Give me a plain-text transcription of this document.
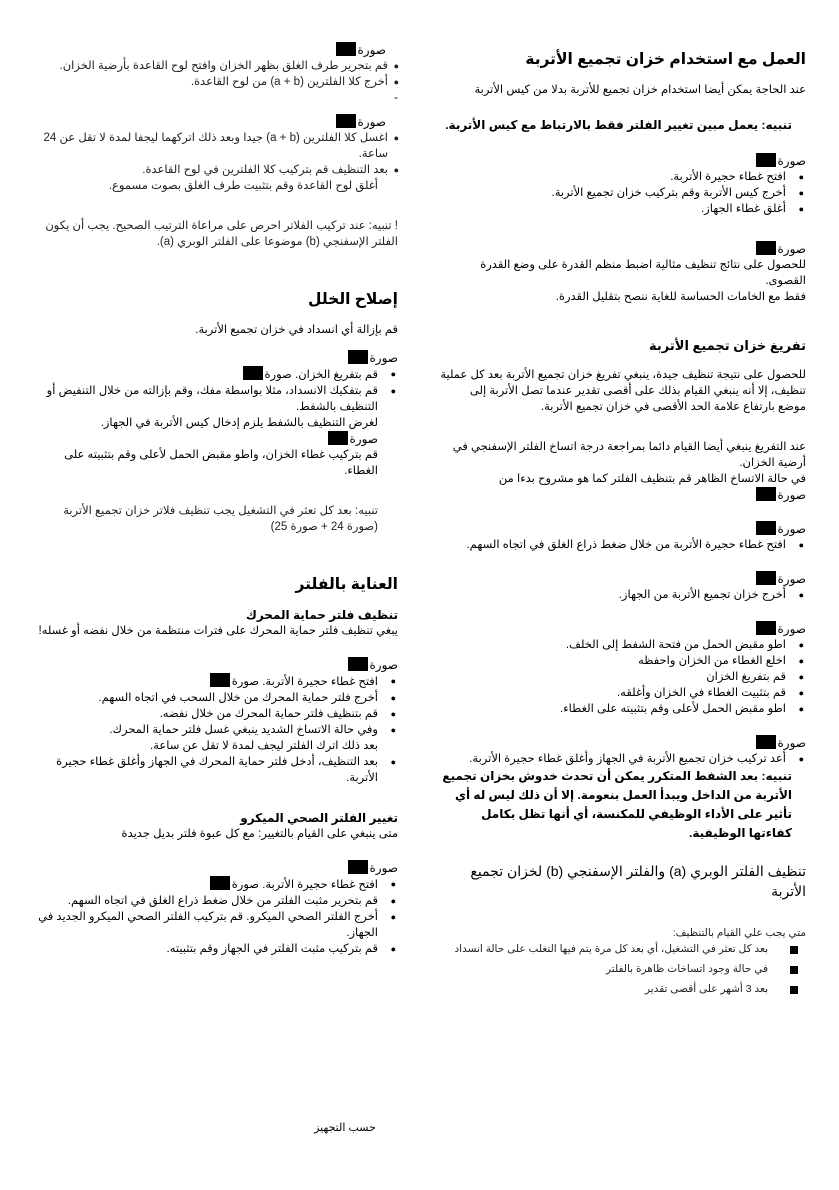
العمل مع استخدام خزان تجميع الأتربة

عند الحاجة يمكن أيضا استخدام خزان تجميع للأتربة بدلا من كيس الأتربة

تنبيه: يعمل مبين تغيير الفلتر فقط بالارتباط مع كيس الأتربة.

صورة
● افتح غطاء حجيرة الأتربة.
● أخرج كيس الأتربة وقم بتركيب خزان تجميع الأتربة.
● أغلق غطاء الجهاز.
صورة

للحصول على نتائج تنظيف مثالية اضبط منظم القدرة على وضع القدرة القصوى.

فقط مع الخامات الحساسة للغاية ننصح بتقليل القدرة.

تفريغ خزان تجميع الأتربة

للحصول على نتيجة تنظيف جيدة، ينبغي تفريغ خزان تجميع الأتربة بعد كل عملية تنظيف، إلا أنه ينبغي القيام بذلك على أقصى تقدير عندما تصل الأتربة إلى موضع بارتفاع علامة الحد الأقصى في خزان تجميع الأتربة.

عند التفريغ ينبغي أيضا القيام دائما بمراجعة درجة اتساخ الفلتر الإسفنجي في أرضية الخزان.

في حالة الاتساخ الظاهر قم بتنظيف الفلتر كما هو مشروح بدءا من

صورة
صورة
● افتح غطاء حجيرة الأتربة من خلال ضغط ذراع الغلق في اتجاه السهم.
صورة
● أخرج خزان تجميع الأتربة من الجهاز.
صورة
● اطو مقبض الحمل من فتحة الشفط إلى الخلف.
● اخلع الغطاء من الخزان واحفظه
● قم بتفريغ الخزان
● قم بتثبيت الغطاء في الخزان وأغلقه.
● اطو مقبض الحمل لأعلى وقم بتثبيته على الغطاء.
صورة
● أعد تركيب خزان تجميع الأتربة في الجهاز وأغلق غطاء حجيرة الأتربة.

تنبيه: بعد الشفط المتكرر يمكن أن تحدث خدوش بخزان تجميع الأتربة من الداخل ويبدأ العمل بنعومة. إلا أن ذلك ليس له أي تأثير على الأداء الوظيفي للمكنسة، أي أنها تظل بكامل كفاءتها الوظيفية.

تنظيف الفلتر الوبري (a) والفلتر الإسفنجي (b) لخزان تجميع الأتربة

متي يجب علي القيام بالتنظيف:

بعد كل تعثر في التشغيل، أي بعد كل مرة يتم فيها التغلب على حالة انسداد
في حالة وجود اتساخات ظاهرة بالفلتر
بعد 3 أشهر على أقصى تقدير
صورة
● قم بتحرير طرف الغلق بظهر الخزان وافتح لوح القاعدة بأرضية الخزان.
● أخرج كلا الفلترين (a + b) من لوح القاعدة.
-
صورة
● اغسل كلا الفلترين (a + b) جيدا وبعد ذلك اتركهما ليجفا لمدة لا تقل عن 24 ساعة.
● بعد التنظيف قم بتركيب كلا الفلترين في لوح القاعدة.

أغلق لوح القاعدة وقم بتثبيت طرف الغلق بصوت مسموع.

! تنبيه: عند تركيب الفلاتر احرص على مراعاة الترتيب الصحيح. يجب أن يكون الفلتر الإسفنجي (b) موضوعا على الفلتر الوبري (a).

إصلاح الخلل

قم بإزالة أي انسداد في خزان تجميع الأتربة.

صورة
● قم بتفريغ الخزان. صورة
● قم بتفكيك الانسداد، مثلا بواسطة مفك، وقم بإزالته من خلال التنفيض أو التنظيف بالشفط.

لغرض التنظيف بالشفط يلزم إدخال كيس الأتربة في الجهاز.

صورة

قم بتركيب غطاء الخزان، واطو مقبض الحمل لأعلى وقم بتثبيته على الغطاء.

تنبيه: بعد كل تعثر في التشغيل يجب تنظيف فلاتر خزان تجميع الأتربة (صورة 24 + صورة 25)

العناية بالفلتر
تنظيف فلتر حماية المحرك

يبغي تنظيف فلتر حماية المحرك على فترات منتظمة من خلال نفضه أو غسله!

صورة
● افتح غطاء حجيرة الأتربة. صورة
● أخرج فلتر حماية المحرك من خلال السحب في اتجاه السهم.
● قم بتنظيف فلتر حماية المحرك من خلال نفضه.
● وفي حالة الاتساخ الشديد ينبغي غسل فلتر حماية المحرك.
بعد ذلك اترك الفلتر ليجف لمدة لا تقل عن ساعة.
● بعد التنظيف، أدخل فلتر حماية المحرك في الجهاز وأغلق غطاء حجيرة الأتربة.
تغيير الفلتر الصحي الميكرو

متى ينبغي على القيام بالتغيير: مع كل عبوة فلتر بديل جديدة

صورة
● افتح غطاء حجيرة الأتربة. صورة
● قم بتحرير مثبت الفلتر من خلال ضغط ذراع الغلق في اتجاه السهم.
● أخرج الفلتر الصحي الميكرو. قم بتركيب الفلتر الصحي الميكرو الجديد في الجهاز.
● قم بتركيب مثبت الفلتر في الجهاز وقم بتثبيته.
حسب التجهيز
